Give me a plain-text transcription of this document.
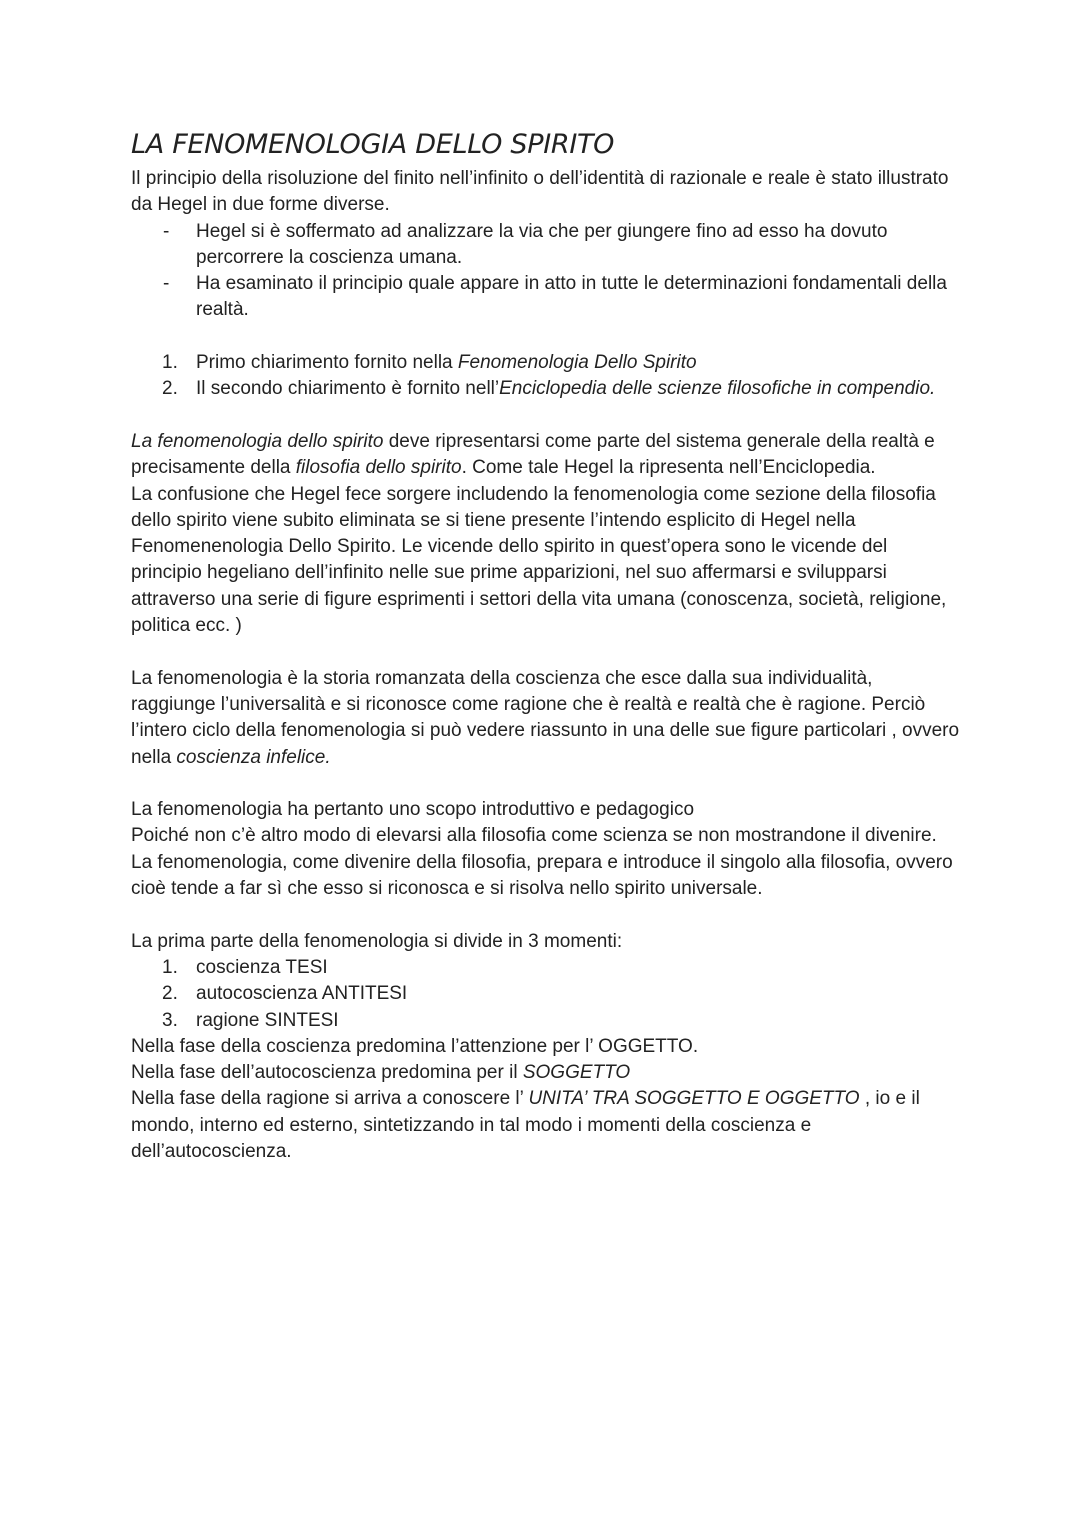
LA FENOMENOLOGIA DELLO SPIRITO

Il principio della risoluzione del finito nell’infinito o dell’identità di razionale e reale è stato illustrato da Hegel in due forme diverse.

- Hegel si è soffermato ad analizzare la via che per giungere fino ad esso ha dovuto percorrere la coscienza umana.
- Ha esaminato il principio quale appare in atto in tutte le determinazioni fondamentali della realtà.
1. Primo chiarimento fornito nella Fenomenologia Dello Spirito
2. Il secondo chiarimento è fornito nell’Enciclopedia delle scienze filosofiche in compendio.

La fenomenologia dello spirito deve ripresentarsi come parte del sistema generale della realtà e precisamente della filosofia dello spirito. Come tale Hegel la ripresenta nell’Enciclopedia.

La confusione che Hegel fece sorgere includendo la fenomenologia come sezione della filosofia dello spirito viene subito eliminata se si tiene presente l’intendo esplicito di Hegel nella Fenomenenologia Dello Spirito. Le vicende dello spirito in quest’opera sono le vicende del principio hegeliano dell’infinito nelle sue prime apparizioni, nel suo affermarsi e svilupparsi attraverso una serie di figure esprimenti i settori della vita umana (conoscenza, società, religione, politica ecc. )

La fenomenologia è la storia romanzata della coscienza che esce dalla sua individualità, raggiunge l’universalità e si riconosce come ragione che è realtà e realtà che è ragione. Perciò l’intero ciclo della fenomenologia si può vedere riassunto in una delle sue figure particolari , ovvero nella coscienza infelice.

La fenomenologia ha pertanto uno scopo introduttivo e pedagogico

Poiché non c’è altro modo di elevarsi alla filosofia come scienza se non mostrandone il divenire.

La fenomenologia, come divenire della filosofia, prepara e introduce il singolo alla filosofia, ovvero cioè tende a far sì che esso si riconosca e si risolva nello spirito universale.

La prima parte della fenomenologia si divide in 3 momenti:

1. coscienza TESI
2. autocoscienza ANTITESI
3. ragione SINTESI

Nella fase della coscienza predomina l’attenzione per l’ OGGETTO.

Nella fase dell’autocoscienza predomina per il SOGGETTO

Nella fase della ragione si arriva a conoscere l’ UNITA’ TRA SOGGETTO E OGGETTO , io e il mondo, interno ed esterno, sintetizzando in tal modo i momenti della coscienza e dell’autocoscienza.
